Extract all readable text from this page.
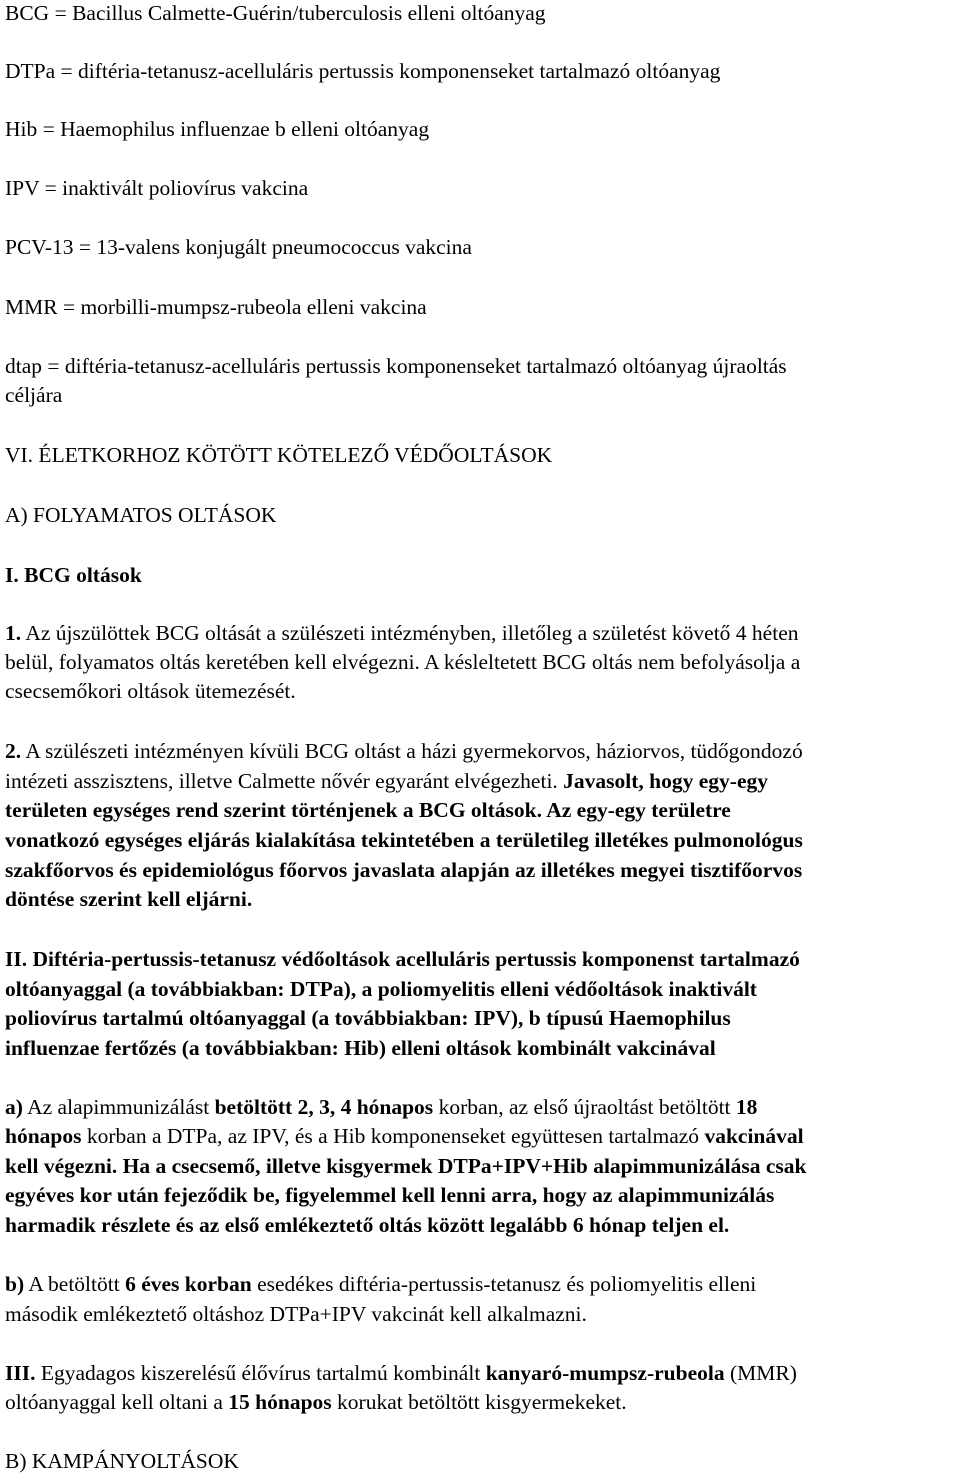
BCG = Bacillus Calmette-Guérin/tuberculosis elleni oltóanyag
DTPa = diftéria-tetanusz-acelluláris pertussis komponenseket tartalmazó oltóanyag
Hib = Haemophilus influenzae b elleni oltóanyag
IPV = inaktivált poliovírus vakcina
PCV-13 = 13-valens konjugált pneumococcus vakcina
MMR = morbilli-mumpsz-rubeola elleni vakcina
dtap = diftéria-tetanusz-acelluláris pertussis komponenseket tartalmazó oltóanyag újraoltás
céljára
VI. ÉLETKORHOZ KÖTÖTT KÖTELEZŐ VÉDŐOLTÁSOK
A) FOLYAMATOS OLTÁSOK
I. BCG oltások
1. Az újszülöttek BCG oltását a szülészeti intézményben, illetőleg a születést követő 4 héten
belül, folyamatos oltás keretében kell elvégezni. A késleltetett BCG oltás nem befolyásolja a
csecsemőkori oltások ütemezését.
2. A szülészeti intézményen kívüli BCG oltást a házi gyermekorvos, háziorvos, tüdőgondozó
intézeti asszisztens, illetve Calmette nővér egyaránt elvégezheti. Javasolt, hogy egy-egy
területen egységes rend szerint történjenek a BCG oltások. Az egy-egy területre
vonatkozó egységes eljárás kialakítása tekintetében a területileg illetékes pulmonológus
szakfőorvos és epidemiológus főorvos javaslata alapján az illetékes megyei tisztifőorvos
döntése szerint kell eljárni.
II. Diftéria-pertussis-tetanusz védőoltások acelluláris pertussis komponenst tartalmazó
oltóanyaggal (a továbbiakban: DTPa), a poliomyelitis elleni védőoltások inaktivált
poliovírus tartalmú oltóanyaggal (a továbbiakban: IPV), b típusú Haemophilus
influenzae fertőzés (a továbbiakban: Hib) elleni oltások kombinált vakcinával
a) Az alapimmunizálást betöltött 2, 3, 4 hónapos korban, az első újraoltást betöltött 18
hónapos korban a DTPa, az IPV, és a Hib komponenseket együttesen tartalmazó vakcinával
kell végezni. Ha a csecsemő, illetve kisgyermek DTPa+IPV+Hib alapimmunizálása csak
egyéves kor után fejeződik be, figyelemmel kell lenni arra, hogy az alapimmunizálás
harmadik részlete és az első emlékeztető oltás között legalább 6 hónap teljen el.
b) A betöltött 6 éves korban esedékes diftéria-pertussis-tetanusz és poliomyelitis elleni
második emlékeztető oltáshoz DTPa+IPV vakcinát kell alkalmazni.
III. Egyadagos kiszerelésű élővírus tartalmú kombinált kanyaró-mumpsz-rubeola (MMR)
oltóanyaggal kell oltani a 15 hónapos korukat betöltött kisgyermekeket.
B) KAMPÁNYOLTÁSOK
